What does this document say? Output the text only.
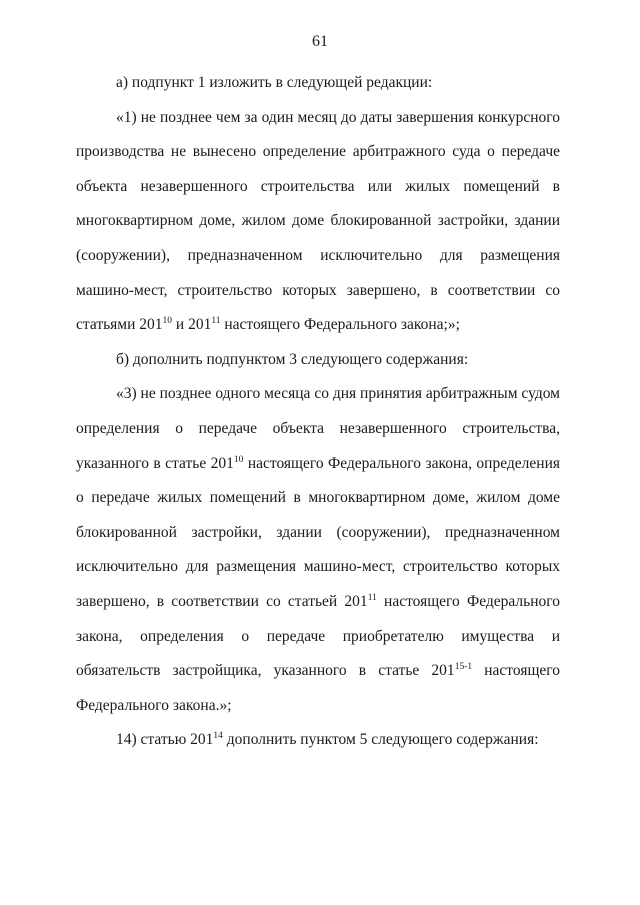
61

а) подпункт 1 изложить в следующей редакции:

«1) не позднее чем за один месяц до даты завершения конкурсного производства не вынесено определение арбитражного суда о передаче объекта незавершенного строительства или жилых помещений в многоквартирном доме, жилом доме блокированной застройки, здании (сооружении), предназначенном исключительно для размещения машино-мест, строительство которых завершено, в соответствии со статьями $201^{10}$ и $201^{11}$ настоящего Федерального закона;»;

б) дополнить подпунктом 3 следующего содержания:

«3) не позднее одного месяца со дня принятия арбитражным судом определения о передаче объекта незавершенного строительства, указанного в статье $201^{10}$ настоящего Федерального закона, определения о передаче жилых помещений в многоквартирном доме, жилом доме блокированной застройки, здании (сооружении), предназначенном исключительно для размещения машино-мест, строительство которых завершено, в соответствии со статьей $201^{11}$ настоящего Федерального закона, определения о передаче приобретателю имущества и обязательств застройщика, указанного в статье 201$^{15-1}$ настоящего Федерального закона.»;

14) статью $201^{14}$ дополнить пунктом 5 следующего содержания:
